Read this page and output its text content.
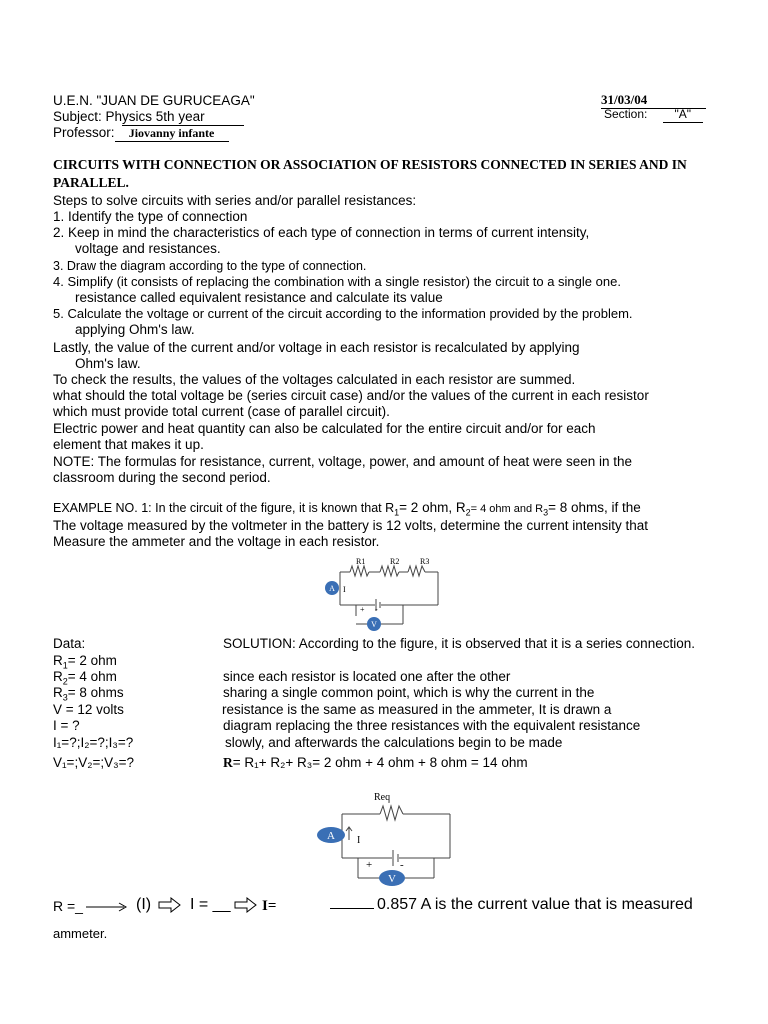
U.E.N. "JUAN DE GURUCEAGA"
Subject: Physics 5th year
Professor: Jiovanny infante
31/03/04
Section: "A"
CIRCUITS WITH CONNECTION OR ASSOCIATION OF RESISTORS CONNECTED IN SERIES AND IN
PARALLEL.
Steps to solve circuits with series and/or parallel resistances:
1. Identify the type of connection
2. Keep in mind the characteristics of each type of connection in terms of current intensity,
voltage and resistances.
3. Draw the diagram according to the type of connection.
4. Simplify (it consists of replacing the combination with a single resistor) the circuit to a single one.
resistance called equivalent resistance and calculate its value
5. Calculate the voltage or current of the circuit according to the information provided by the problem.
applying Ohm's law.
Lastly, the value of the current and/or voltage in each resistor is recalculated by applying
Ohm's law.
To check the results, the values of the voltages calculated in each resistor are summed.
what should the total voltage be (series circuit case) and/or the values of the current in each resistor
which must provide total current (case of parallel circuit).
Electric power and heat quantity can also be calculated for the entire circuit and/or for each
element that makes it up.
NOTE: The formulas for resistance, current, voltage, power, and amount of heat were seen in the
classroom during the second period.
EXAMPLE NO. 1: In the circuit of the figure, it is known that $R_1= 2$ ohm, $R_2= 4$ ohm and $R_3= 8$ ohms, if the
The voltage measured by the voltmeter in the battery is 12 volts, determine the current intensity that
Measure the ammeter and the voltage in each resistor.
A
V
R1	R2	R3
I
+ -
Data:
$R_1= 2$ ohm
$R_2= 4$ ohm
$R_3= 8$ ohms
V = 12 volts
I = ?
I₁=?;I₂=?;I₃=?
V₁=;V₂=;V₃=?
SOLUTION: According to the figure, it is observed that it is a series connection.
since each resistor is located one after the other
sharing a single common point, which is why the current in the
resistance is the same as measured in the ammeter, It is drawn a
diagram replacing the three resistances with the equivalent resistance
slowly, and afterwards the calculations begin to be made
R= R₁+ R₂+ R₃= 2 ohm + 4 ohm + 8 ohm = 14 ohm
A
V
Req
I
+	-
R =_	(I) I = __ I=	0.857 A is the current value that is measured
ammeter.
